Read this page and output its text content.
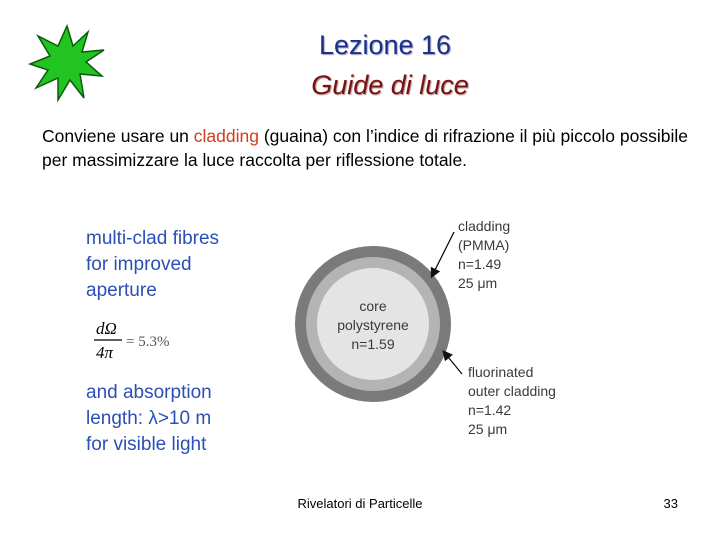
Lezione 16
Guide di luce
Conviene usare un cladding (guaina) con l’indice di rifrazione il più piccolo possibile per massimizzare la luce raccolta per riflessione totale.
multi-clad fibres
for improved
aperture
dΩ
4π
= 5.3%
and absorption
length: λ>10 m
for visible light
core
polystyrene
n=1.59
cladding
(PMMA)
n=1.49
25 μm
fluorinated
outer cladding
n=1.42
25 μm
Rivelatori di Particelle	33
